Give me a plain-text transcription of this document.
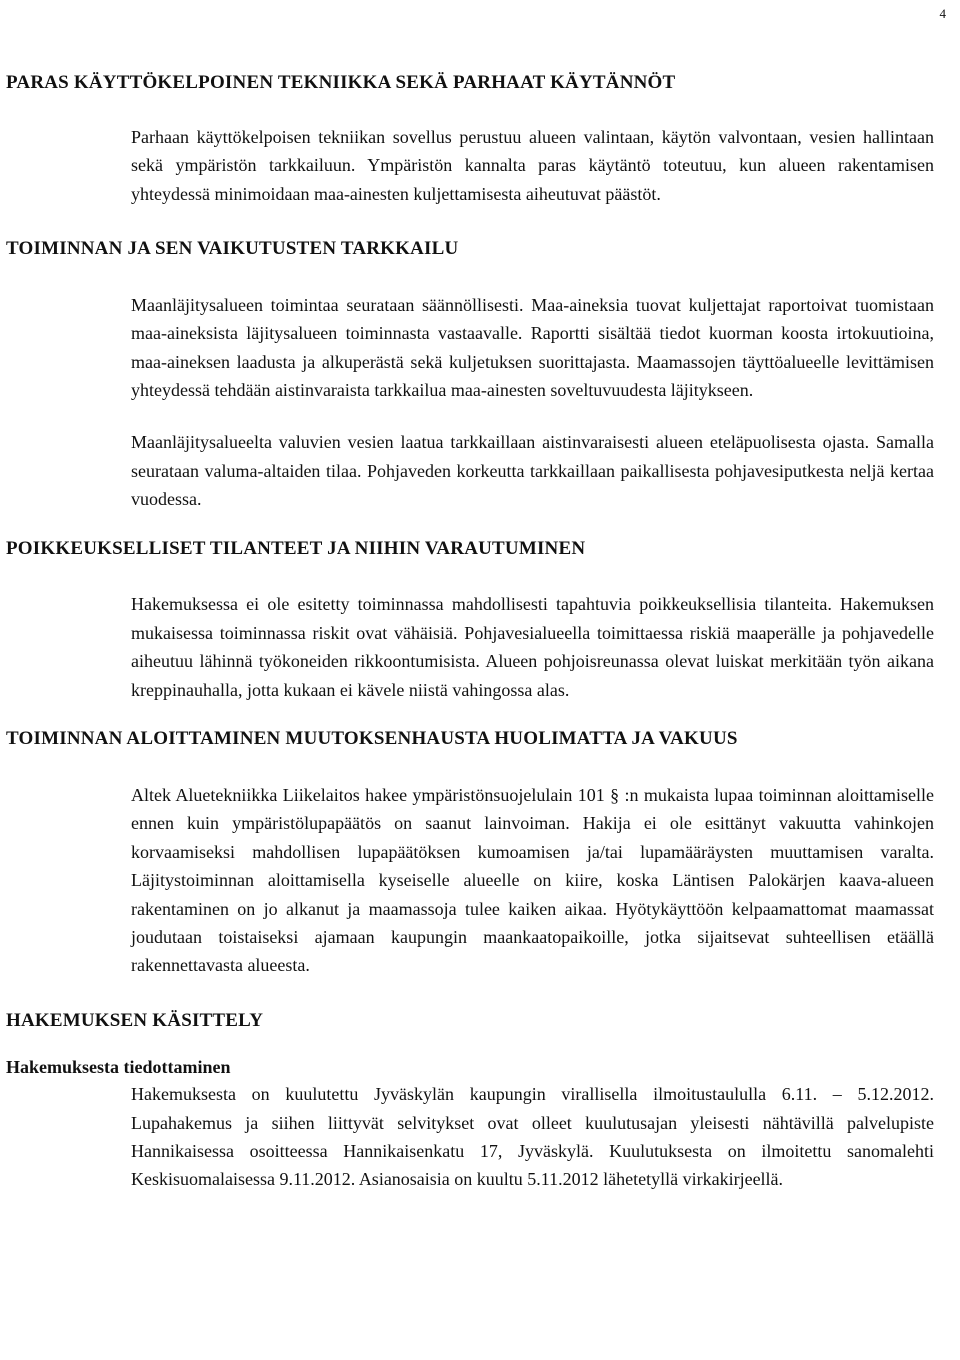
4
PARAS KÄYTTÖKELPOINEN TEKNIIKKA SEKÄ PARHAAT KÄYTÄNNÖT

Parhaan käyttökelpoisen tekniikan sovellus perustuu alueen valintaan, käytön valvontaan, vesien hallintaan sekä ympäristön tarkkailuun. Ympäristön kannalta paras käytäntö toteutuu, kun alueen rakentamisen yhteydessä minimoidaan maa-ainesten kuljettamisesta aiheutuvat päästöt.

TOIMINNAN JA SEN VAIKUTUSTEN TARKKAILU

Maanläjitysalueen toimintaa seurataan säännöllisesti. Maa-aineksia tuovat kuljettajat raportoivat tuomistaan maa-aineksista läjitysalueen toiminnasta vastaavalle. Raportti sisältää tiedot kuorman koosta irtokuutioina, maa-aineksen laadusta ja alkuperästä sekä kuljetuksen suorittajasta. Maamassojen täyttöalueelle levittämisen yhteydessä tehdään aistinvaraista tarkkailua maa-ainesten soveltuvuudesta läjitykseen.

Maanläjitysalueelta valuvien vesien laatua tarkkaillaan aistinvaraisesti alueen eteläpuolisesta ojasta. Samalla seurataan valuma-altaiden tilaa. Pohjaveden korkeutta tarkkaillaan paikallisesta pohjavesiputkesta neljä kertaa vuodessa.

POIKKEUKSELLISET TILANTEET JA NIIHIN VARAUTUMINEN

Hakemuksessa ei ole esitetty toiminnassa mahdollisesti tapahtuvia poikkeuksellisia tilanteita. Hakemuksen mukaisessa toiminnassa riskit ovat vähäisiä. Pohjavesialueella toimittaessa riskiä maaperälle ja pohjavedelle aiheutuu lähinnä työkoneiden rikkoontumisista. Alueen pohjoisreunassa olevat luiskat merkitään työn aikana kreppinauhalla, jotta kukaan ei kävele niistä vahingossa alas.

TOIMINNAN ALOITTAMINEN MUUTOKSENHAUSTA HUOLIMATTA JA VAKUUS

Altek Aluetekniikka Liikelaitos hakee ympäristönsuojelulain 101 § :n mukaista lupaa toiminnan aloittamiselle ennen kuin ympäristölupapäätös on saanut lainvoiman. Hakija ei ole esittänyt vakuutta vahinkojen korvaamiseksi mahdollisen lupapäätöksen kumoamisen ja/tai lupamääräysten muuttamisen varalta. Läjitystoiminnan aloittamisella kyseiselle alueelle on kiire, koska Läntisen Palokärjen kaava-alueen rakentaminen on jo alkanut ja maamassoja tulee kaiken aikaa. Hyötykäyttöön kelpaamattomat maamassat joudutaan toistaiseksi ajamaan kaupungin maankaatopaikoille, jotka sijaitsevat suhteellisen etäällä rakennettavasta alueesta.

HAKEMUKSEN KÄSITTELY
Hakemuksesta tiedottaminen

Hakemuksesta on kuulutettu Jyväskylän kaupungin virallisella ilmoitustaululla 6.11. – 5.12.2012. Lupahakemus ja siihen liittyvät selvitykset ovat olleet kuulutusajan yleisesti nähtävillä palvelupiste Hannikaisessa osoitteessa Hannikaisenkatu 17, Jyväskylä. Kuulutuksesta on ilmoitettu sanomalehti Keskisuomalaisessa 9.11.2012. Asianosaisia on kuultu 5.11.2012 lähetetyllä virkakirjeellä.
